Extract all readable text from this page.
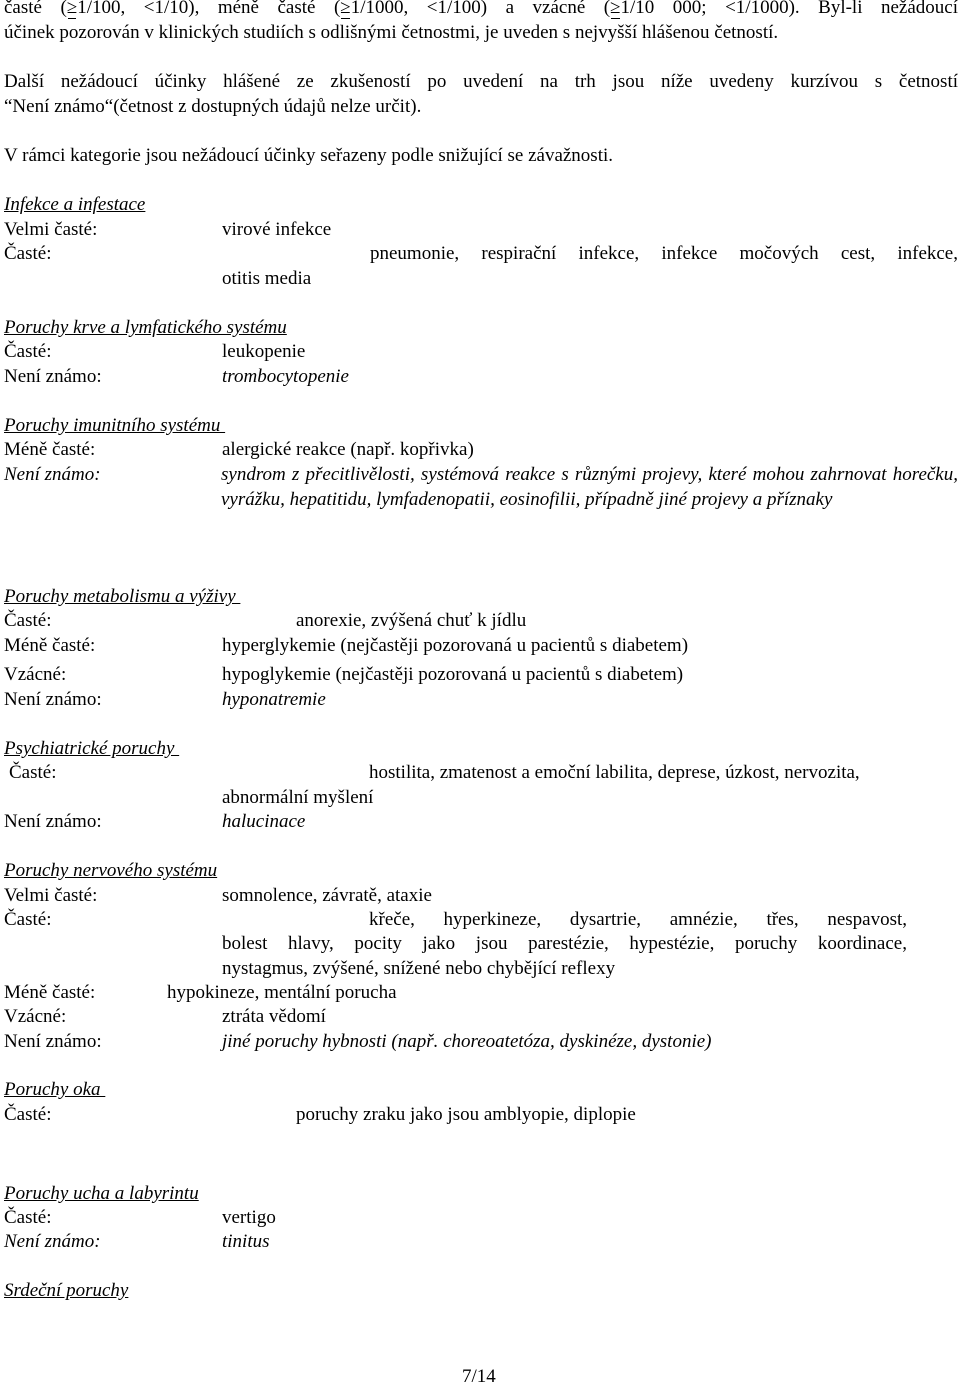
časté (≥1/100, <1/10), méně časté (≥1/1000, <1/100) a vzácné (≥1/10 000; <1/1000). Byl-li nežádoucí
účinek pozorován v klinických studiích s odlišnými četnostmi, je uveden s nejvyšší hlášenou četností.
Další nežádoucí účinky hlášené ze zkušeností po uvedení na trh jsou níže uvedeny kurzívou s četností
“Není známo“(četnost z dostupných údajů nelze určit).
V rámci kategorie jsou nežádoucí účinky seřazeny podle snižující se závažnosti.
Infekce a infestace
Velmi časté:	virové infekce
Časté:	pneumonie, respirační infekce, infekce močových cest, infekce,
otitis media
Poruchy krve a lymfatického systému
Časté:	leukopenie
Není známo:	trombocytopenie
Poruchy imunitního systému
Méně časté:	alergické reakce (např. kopřivka)
Není známo:	syndrom z přecitlivělosti, systémová reakce s různými projevy, které mohou zahrnovat horečku, vyrážku, hepatitidu, lymfadenopatii, eosinofilii, případně jiné projevy a příznaky
Poruchy metabolismu a výživy
Časté:	anorexie, zvýšená chuť k jídlu
Méně časté:	hyperglykemie (nejčastěji pozorovaná u pacientů s diabetem)
Vzácné:	hypoglykemie (nejčastěji pozorovaná u pacientů s diabetem)
Není známo:	hyponatremie
Psychiatrické poruchy
Časté:	hostilita, zmatenost a emoční labilita, deprese, úzkost, nervozita,
abnormální myšlení
Není známo:	halucinace
Poruchy nervového systému
Velmi časté:	somnolence, závratě, ataxie
Časté:	křeče, hyperkineze, dysartrie, amnézie, třes, nespavost,
bolest hlavy, pocity jako jsou parestézie, hypestézie, poruchy koordinace,
nystagmus, zvýšené, snížené nebo chybějící reflexy
Méně časté:	hypokineze, mentální porucha
Vzácné:	ztráta vědomí
Není známo:	jiné poruchy hybnosti (např. choreoatetóza, dyskinéze, dystonie)
Poruchy oka
Časté:	poruchy zraku jako jsou amblyopie, diplopie
Poruchy ucha a labyrintu
Časté:	vertigo
Není známo:	tinitus
Srdeční poruchy
7/14
